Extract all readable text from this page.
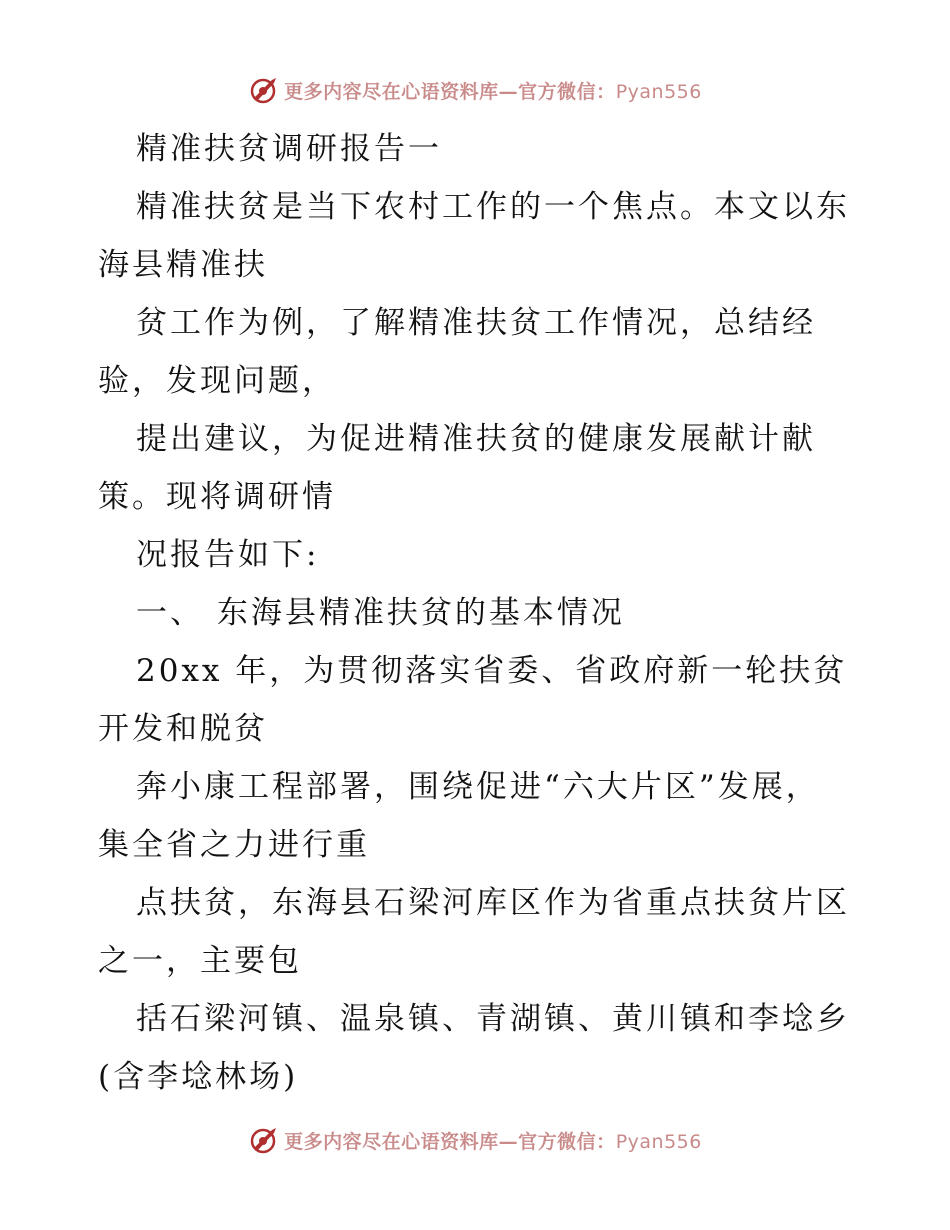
更多内容尽在心语资料库—官方微信：Pyan556
精准扶贫调研报告一
精准扶贫是当下农村工作的一个焦点。本文以东
海县精准扶
贫工作为例，了解精准扶贫工作情况，总结经
验，发现问题，
提出建议，为促进精准扶贫的健康发展献计献
策。现将调研情
况报告如下:
一、 东海县精准扶贫的基本情况
20xx 年，为贯彻落实省委、省政府新一轮扶贫
开发和脱贫
奔小康工程部署，围绕促进“六大片区”发展，
集全省之力进行重
点扶贫，东海县石梁河库区作为省重点扶贫片区
之一，主要包
括石梁河镇、温泉镇、青湖镇、黄川镇和李埝乡
(含李埝林场)
更多内容尽在心语资料库—官方微信：Pyan556
